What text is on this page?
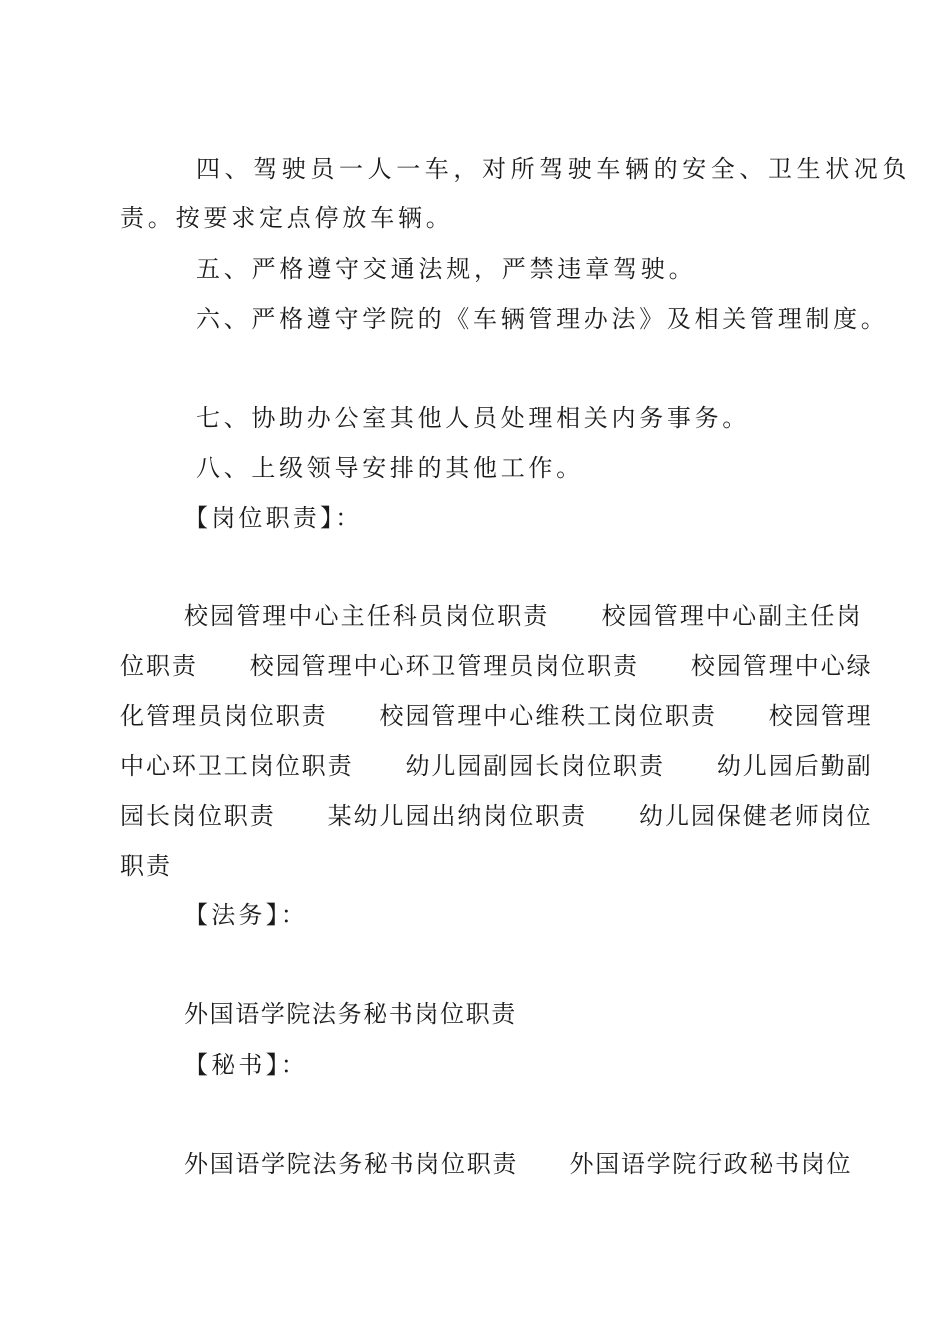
四、驾驶员一人一车，对所驾驶车辆的安全、卫生状况负
责。按要求定点停放车辆。
五、严格遵守交通法规，严禁违章驾驶。
六、严格遵守学院的《车辆管理办法》及相关管理制度。
七、协助办公室其他人员处理相关内务事务。
八、上级领导安排的其他工作。
【岗位职责】：
校园管理中心主任科员岗位职责　　校园管理中心副主任岗
位职责　　校园管理中心环卫管理员岗位职责　　校园管理中心绿
化管理员岗位职责　　校园管理中心维秩工岗位职责　　校园管理
中心环卫工岗位职责　　幼儿园副园长岗位职责　　幼儿园后勤副
园长岗位职责　　某幼儿园出纳岗位职责　　幼儿园保健老师岗位
职责
【法务】：
外国语学院法务秘书岗位职责
【秘书】：
外国语学院法务秘书岗位职责　　外国语学院行政秘书岗位
